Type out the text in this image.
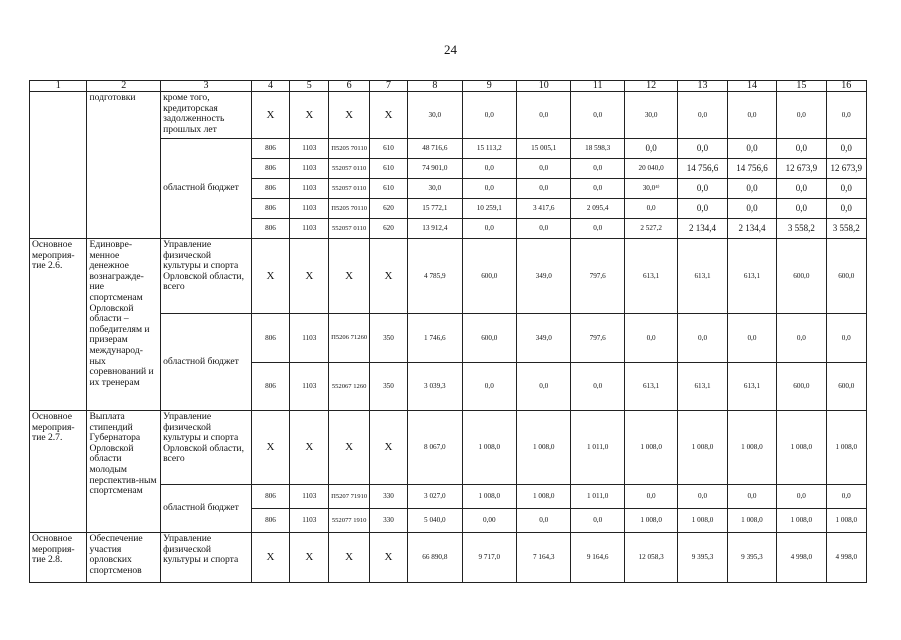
24
1	2	3	4	5	6	7	8	9	10	11	12	13	14	15	16
	подготовки	кроме того, кредиторская задолженность прошлых лет	Х	Х	Х	Х	30,0	0,0	0,0	0,0	30,0	0,0	0,0	0,0	0,0
		областной бюджет	806	1103	П5205 70110	610	48 716,6	15 113,2	15 005,1	18 598,3	0,0	0,0	0,0	0,0	0,0
			806	1103	552057 0110	610	74 901,0	0,0	0,0	0,0	20 040,0	14 756,6	14 756,6	12 673,9	12 673,9
			806	1103	552057 0110	610	30,0	0,0	0,0	0,0	30,0⁴⁾	0,0	0,0	0,0	0,0
			806	1103	П5205 70110	620	15 772,1	10 259,1	3 417,6	2 095,4	0,0	0,0	0,0	0,0	0,0
			806	1103	552057 0110	620	13 912,4	0,0	0,0	0,0	2 527,2	2 134,4	2 134,4	3 558,2	3 558,2
Основное мероприя-тие 2.6.	Единовре-менное денежное вознагражде-ние спортсменам Орловской области – победителям и призерам международ-ных соревнований и их тренерам	Управление физической культуры и спорта Орловской области, всего	Х	Х	Х	Х	4 785,9	600,0	349,0	797,6	613,1	613,1	613,1	600,0	600,0
		областной бюджет	806	1103	П5206 71260	350	1 746,6	600,0	349,0	797,6	0,0	0,0	0,0	0,0	0,0
			806	1103	552067 1260	350	3 039,3	0,0	0,0	0,0	613,1	613,1	613,1	600,0	600,0
Основное мероприя-тие 2.7.	Выплата стипендий Губернатора Орловской области молодым перспектив-ным спортсменам	Управление физической культуры и спорта Орловской области, всего	Х	Х	Х	Х	8 067,0	1 008,0	1 008,0	1 011,0	1 008,0	1 008,0	1 008,0	1 008,0	1 008,0
		областной бюджет	806	1103	П5207 71910	330	3 027,0	1 008,0	1 008,0	1 011,0	0,0	0,0	0,0	0,0	0,0
			806	1103	552077 1910	330	5 040,0	0,00	0,0	0,0	1 008,0	1 008,0	1 008,0	1 008,0	1 008,0
Основное мероприя-тие 2.8.	Обеспечение участия орловских спортсменов	Управление физической культуры и спорта	Х	Х	Х	Х	66 890,8	9 717,0	7 164,3	9 164,6	12 058,3	9 395,3	9 395,3	4 998,0	4 998,0
